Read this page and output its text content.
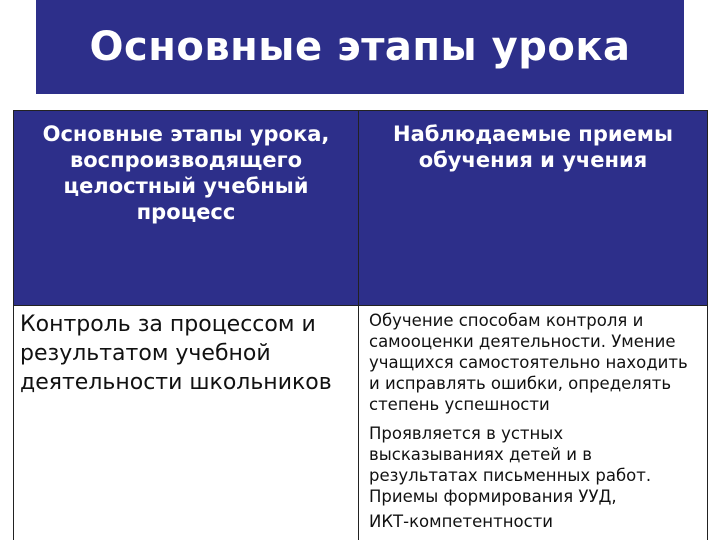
Основные этапы урока
Основные этапы урока, воспроизводящего целостный учебный процесс	Наблюдаемые приемы обучения и учения
Контроль за процессом и результатом учебной деятельности школьников	Обучение способам контроля и самооценки деятельности. Умение учащихся самостоятельно находить и исправлять ошибки, определять степень успешности

Проявляется в устных высказываниях детей и в результатах письменных работ. Приемы формирования УУД,

ИКТ-компетентности
